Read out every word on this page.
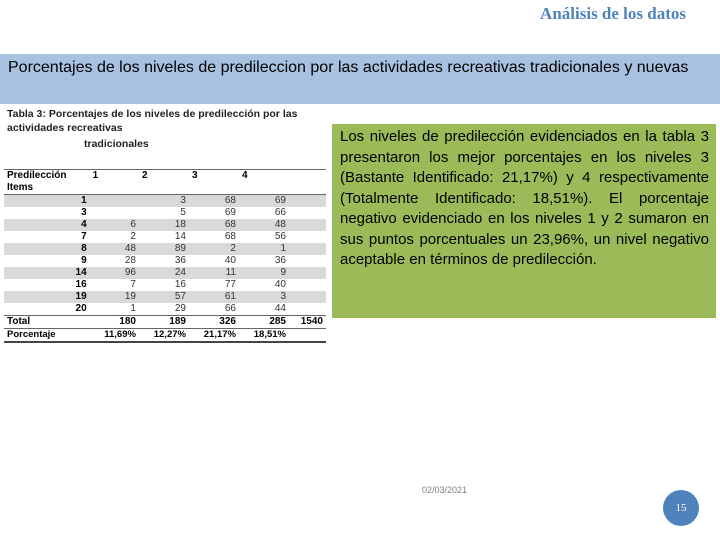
Análisis de los datos
Porcentajes de los niveles de predileccion por las actividades recreativas tradicionales y nuevas
Tabla 3: Porcentajes de los niveles de predilección por las actividades recreativas
tradicionales
Predilección	1	2	3	4	
Items					
1		3	68	69	
3		5	69	66	
4	6	18	68	48	
7	2	14	68	56	
8	48	89	2	1	
9	28	36	40	36	
14	96	24	11	9	
16	7	16	77	40	
19	19	57	61	3	
20	1	29	66	44	
Total	180	189	326	285	1540
Porcentaje	11,69%	12,27%	21,17%	18,51%	
Los niveles de predilección evidenciados en la tabla 3 presentaron los mejor porcentajes en los niveles 3 (Bastante Identificado: 21,17%) y 4 respectivamente (Totalmente Identificado: 18,51%). El porcentaje negativo evidenciado en los niveles 1 y 2 sumaron en sus puntos porcentuales un 23,96%, un nivel negativo aceptable en términos de predilección.
02/03/2021
15
